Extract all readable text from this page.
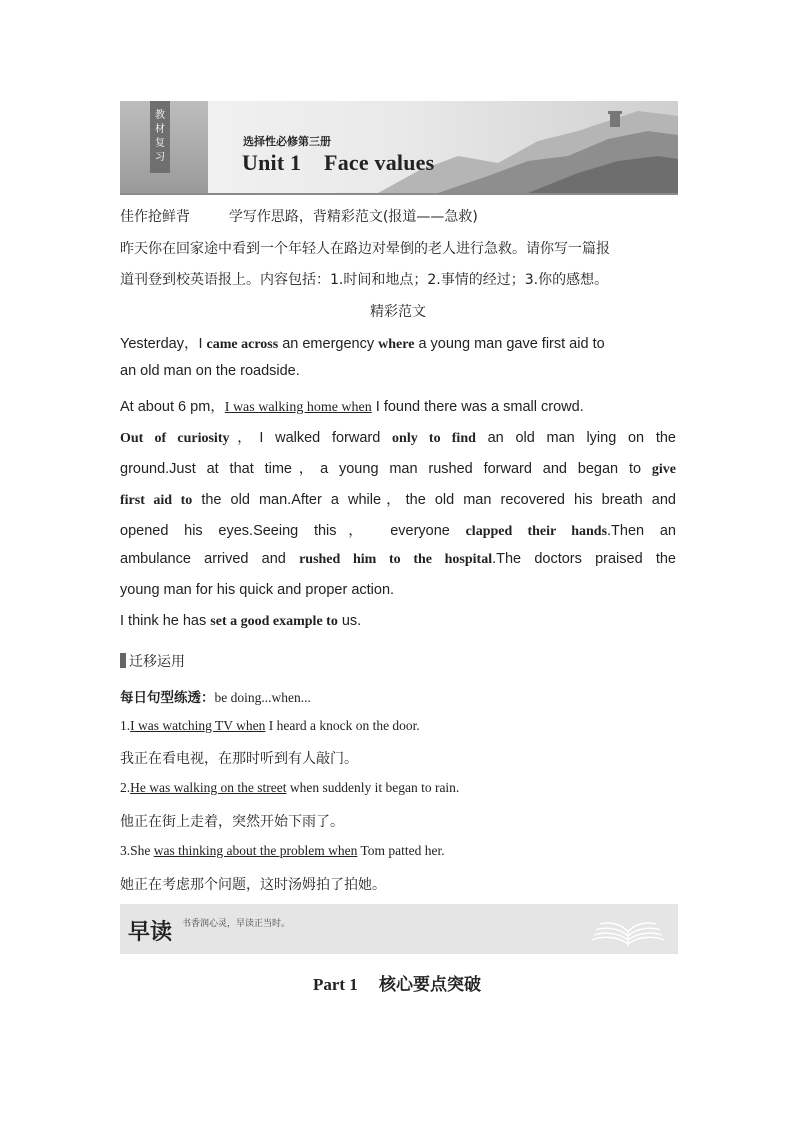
教
材
复
习
选择性必修第三册
Unit 1    Face values
佳作抢鲜背	学写作思路，背精彩范文(报道——急救)
昨天你在回家途中看到一个年轻人在路边对晕倒的老人进行急救。请你写一篇报
道刊登到校英语报上。内容包括：1.时间和地点；2.事情的经过；3.你的感想。
精彩范文
Yesterday，I came across an emergency where a young man gave first aid to
an old man on the roadside.
At about 6 pm，I was walking home when I found there was a small crowd.
Out of curiosity，I walked forward only to find an old man lying on the
ground.Just at that time，a young man rushed forward and began to give
first aid to the old man.After a while，the old man recovered his breath and
opened his eyes.Seeing this， everyone clapped their hands.Then an
ambulance arrived and rushed him to the hospital.The doctors praised the
young man for his quick and proper action.
I think he has set a good example to us.
迁移运用
每日句型练透：be doing...when...
1.I was watching TV when I heard a knock on the door.
我正在看电视，在那时听到有人敲门。
2.He was walking on the street when suddenly it began to rain.
他正在街上走着，突然开始下雨了。
3.She was thinking about the problem when Tom patted her.
她正在考虑那个问题，这时汤姆拍了拍她。
早读 书香润心灵，早读正当时。
Part 1     核心要点突破
